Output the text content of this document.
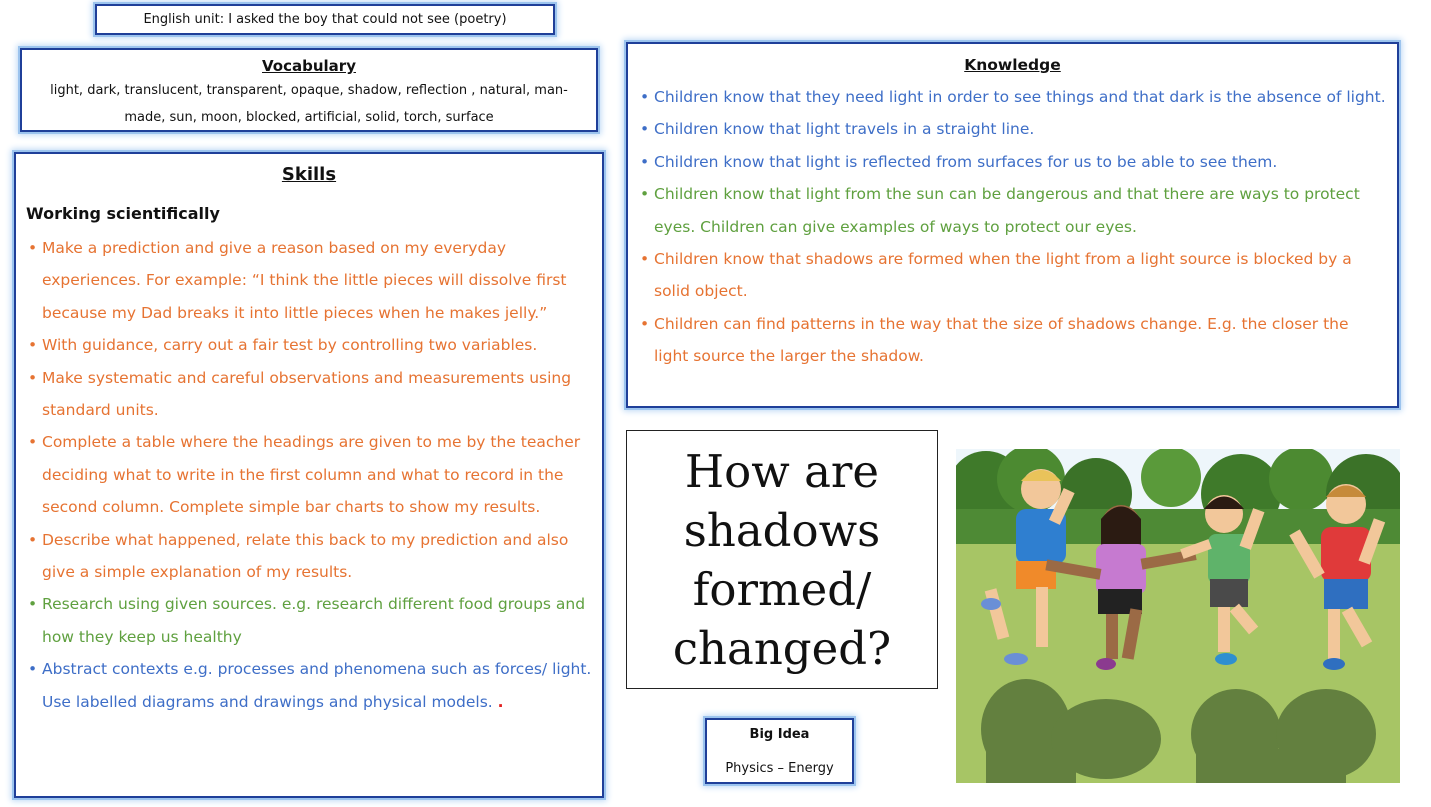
English unit: I asked the boy that could not see (poetry)
Vocabulary
light, dark, translucent, transparent, opaque, shadow, reflection , natural, man-made, sun, moon, blocked, artificial, solid, torch, surface
Skills
Working scientifically
• Make a prediction and give a reason based on my everyday experiences. For example: “I think the little pieces will dissolve first because my Dad breaks it into little pieces when he makes jelly.”
• With guidance, carry out a fair test by controlling two variables.
• Make systematic and careful observations and measurements using standard units.
• Complete a table where the headings are given to me by the teacher deciding what to write in the first column and what to record in the second column. Complete simple bar charts to show my results.
• Describe what happened, relate this back to my prediction and also give a simple explanation of my results.
• Research using given sources. e.g. research different food groups and how they keep us healthy
• Abstract contexts e.g. processes and phenomena such as forces/ light. Use labelled diagrams and drawings and physical models. .
Knowledge
• Children know that they need light in order to see things and that dark is the absence of light.
• Children know that light travels in a straight line.
• Children know that light is reflected from surfaces for us to be able to see them.
• Children know that light from the sun can be dangerous and that there are ways to protect eyes. Children can give examples of ways to protect our eyes.
• Children know that shadows are formed when the light from a light source is blocked by a solid object.
• Children can find patterns in the way that the size of shadows change. E.g. the closer the light source the larger the shadow.
How are
shadows
formed/
changed?
Big Idea
Physics – Energy
